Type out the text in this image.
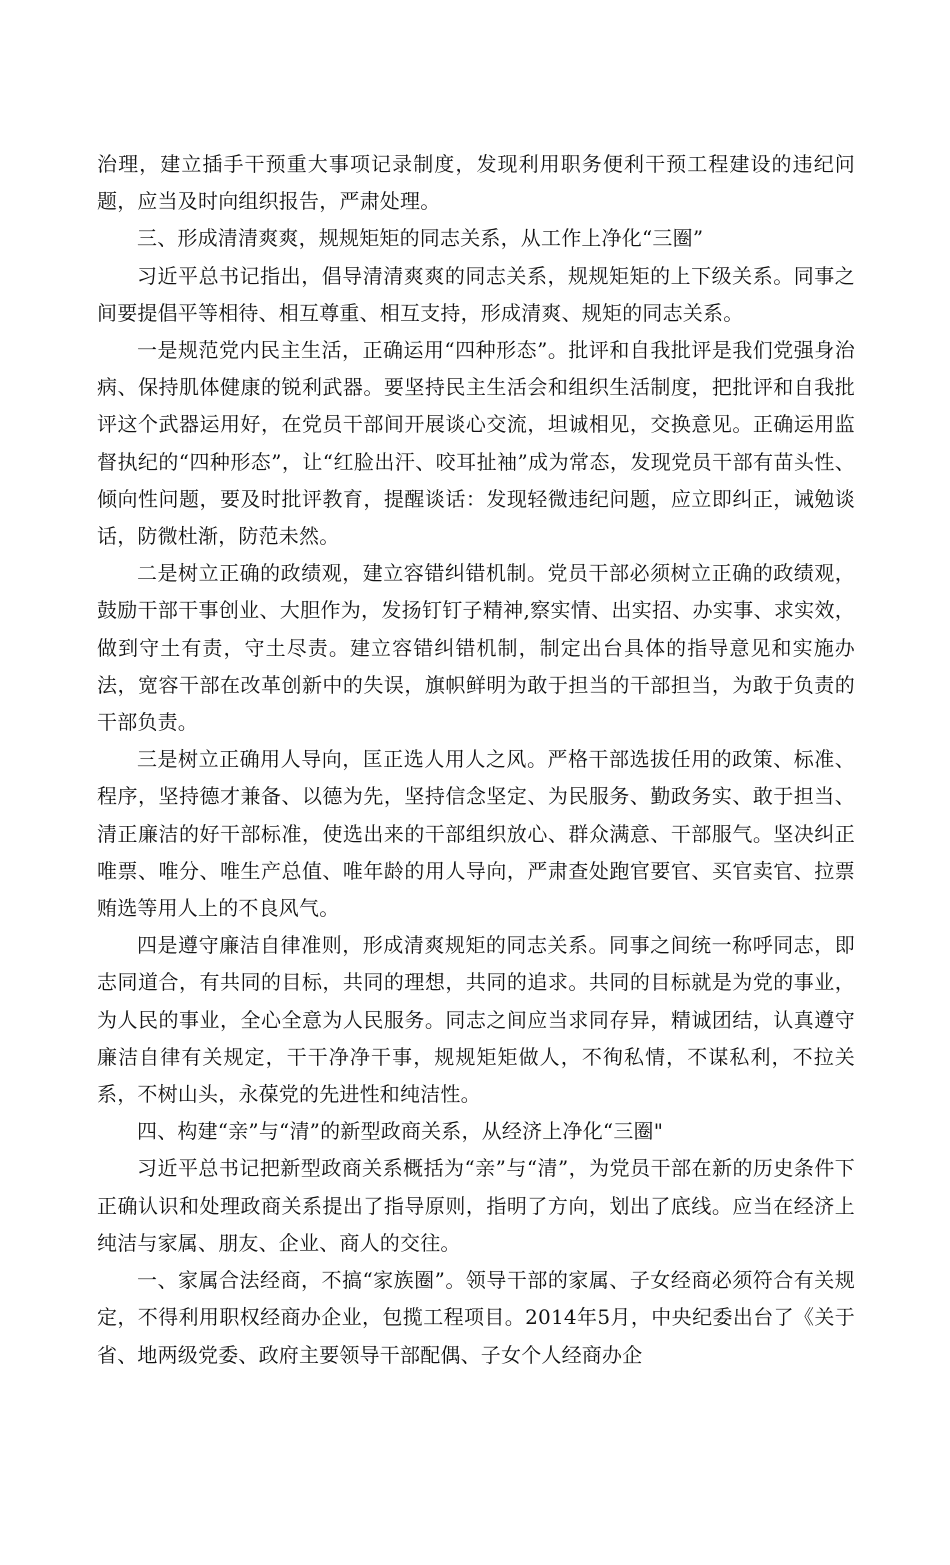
治理，建立插手干预重大事项记录制度，发现利用职务便利干预工程建设的违纪问题，应当及时向组织报告，严肃处理。

三、形成清清爽爽，规规矩矩的同志关系，从工作上净化“三圈”

习近平总书记指出，倡导清清爽爽的同志关系，规规矩矩的上下级关系。同事之间要提倡平等相待、相互尊重、相互支持，形成清爽、规矩的同志关系。

一是规范党内民主生活，正确运用“四种形态”。批评和自我批评是我们党强身治病、保持肌体健康的锐利武器。要坚持民主生活会和组织生活制度，把批评和自我批评这个武器运用好，在党员干部间开展谈心交流，坦诚相见，交换意见。正确运用监督执纪的“四种形态”，让“红脸出汗、咬耳扯袖”成为常态，发现党员干部有苗头性、倾向性问题，要及时批评教育，提醒谈话：发现轻微违纪问题，应立即纠正，诫勉谈话，防微杜渐，防范未然。

二是树立正确的政绩观，建立容错纠错机制。党员干部必须树立正确的政绩观，鼓励干部干事创业、大胆作为，发扬钉钉子精神,察实情、出实招、办实事、求实效，做到守土有责，守土尽责。建立容错纠错机制，制定出台具体的指导意见和实施办法，宽容干部在改革创新中的失误，旗帜鲜明为敢于担当的干部担当，为敢于负责的干部负责。

三是树立正确用人导向，匡正选人用人之风。严格干部选拔任用的政策、标准、程序，坚持德才兼备、以德为先，坚持信念坚定、为民服务、勤政务实、敢于担当、清正廉洁的好干部标准，使选出来的干部组织放心、群众满意、干部服气。坚决纠正唯票、唯分、唯生产总值、唯年龄的用人导向，严肃查处跑官要官、买官卖官、拉票贿选等用人上的不良风气。

四是遵守廉洁自律准则，形成清爽规矩的同志关系。同事之间统一称呼同志，即志同道合，有共同的目标，共同的理想，共同的追求。共同的目标就是为党的事业，为人民的事业，全心全意为人民服务。同志之间应当求同存异，精诚团结，认真遵守廉洁自律有关规定，干干净净干事，规规矩矩做人，不徇私情，不谋私利，不拉关系，不树山头，永葆党的先进性和纯洁性。

四、构建“亲”与“清”的新型政商关系，从经济上净化“三圈"

习近平总书记把新型政商关系概括为“亲”与“清”，为党员干部在新的历史条件下正确认识和处理政商关系提出了指导原则，指明了方向，划出了底线。应当在经济上纯洁与家属、朋友、企业、商人的交往。

一、家属合法经商，不搞“家族圈”。领导干部的家属、子女经商必须符合有关规定，不得利用职权经商办企业，包揽工程项目。2014年5月，中央纪委出台了《关于省、地两级党委、政府主要领导干部配偶、子女个人经商办企
